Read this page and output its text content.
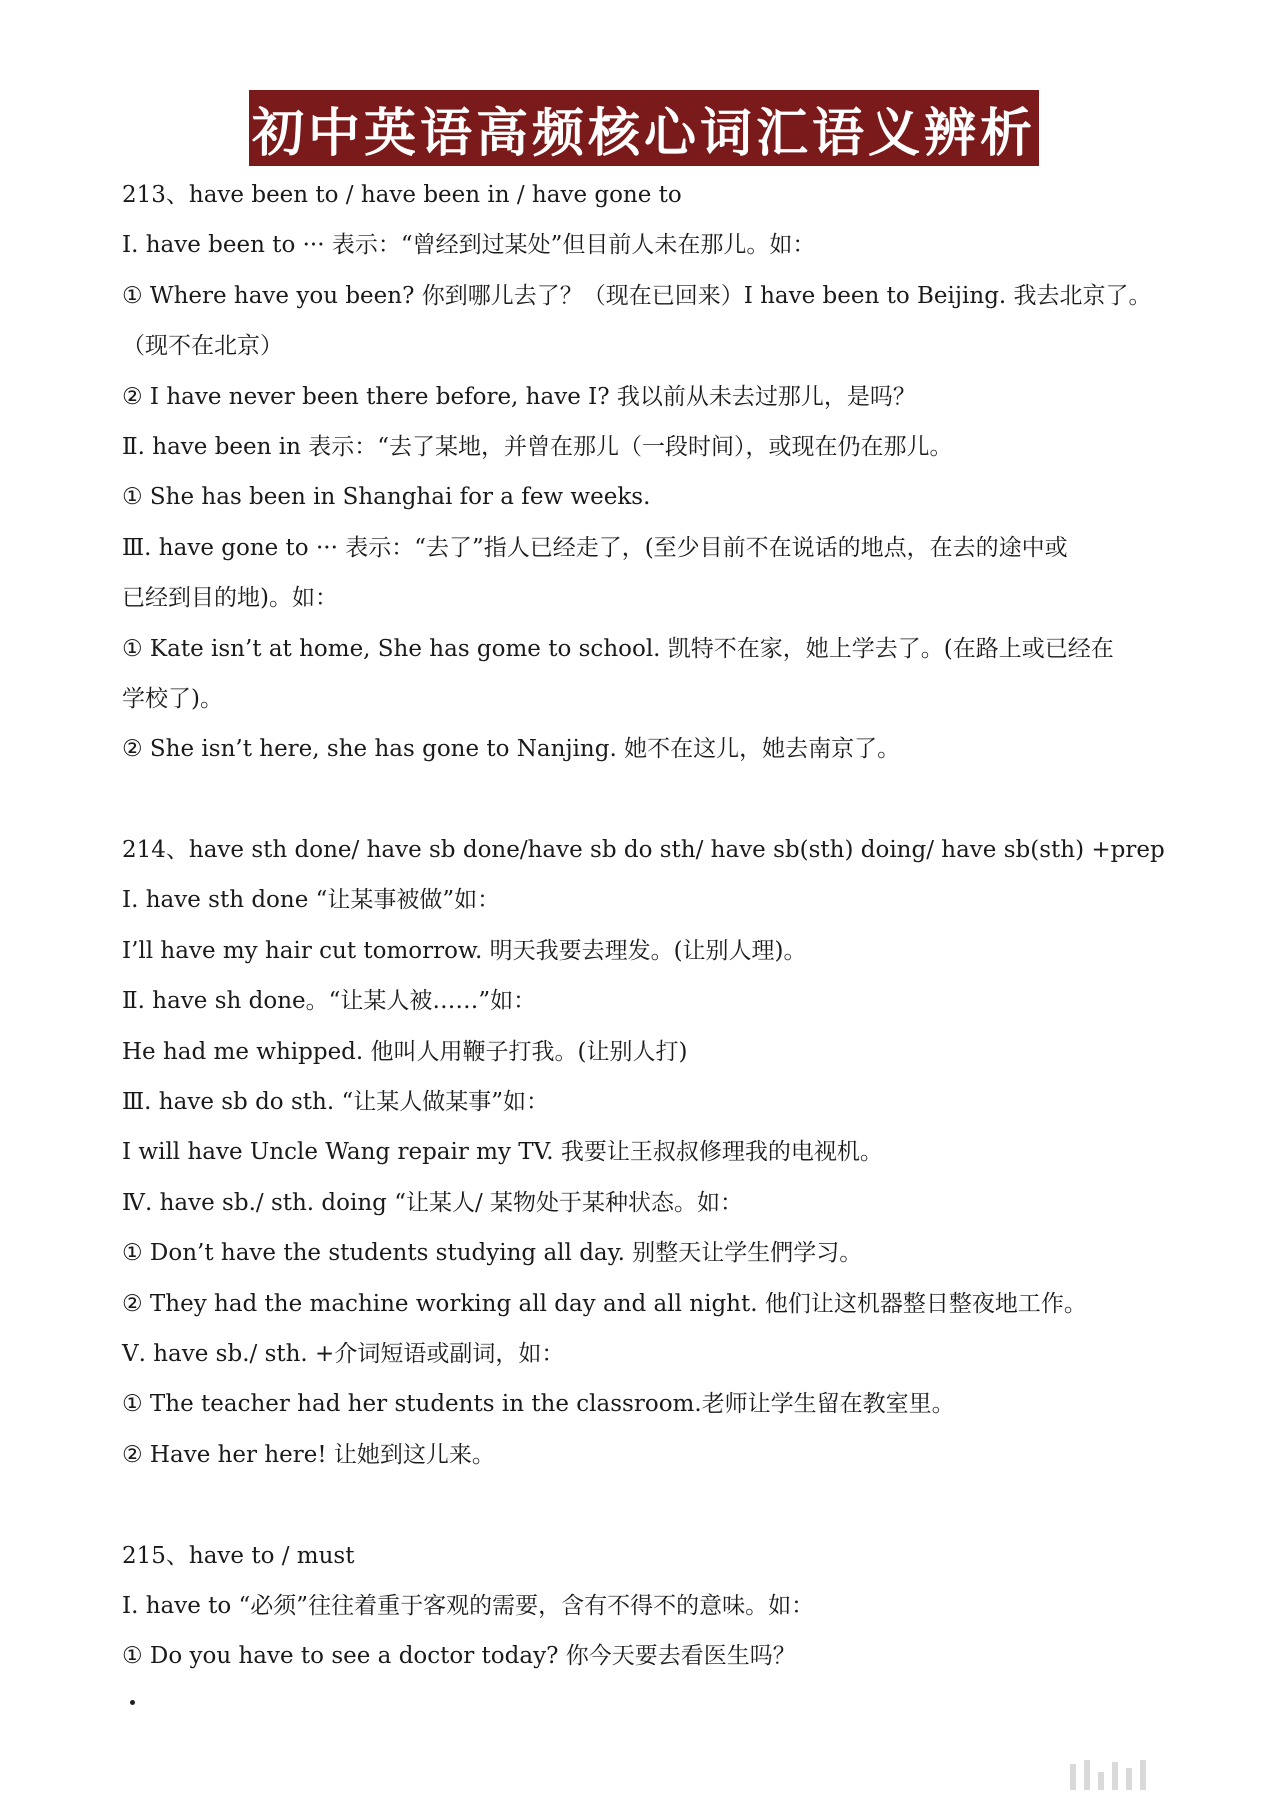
初中英语高频核心词汇语义辨析
213、have been to / have been in / have gone to
Ⅰ. have been to ··· 表示：“曾经到过某处”但目前人未在那儿。如：
① Where have you been? 你到哪儿去了？（现在已回来）I have been to Beijing. 我去北京了。
（现不在北京）
② I have never been there before, have I? 我以前从未去过那儿，是吗？
Ⅱ. have been in 表示：“去了某地，并曾在那儿（一段时间），或现在仍在那儿。
① She has been in Shanghai for a few weeks.
Ⅲ. have gone to ··· 表示：“去了”指人已经走了，(至少目前不在说话的地点，在去的途中或
已经到目的地)。如：
① Kate isn’t at home, She has gome to school. 凯特不在家，她上学去了。(在路上或已经在
学校了)。
② She isn’t here, she has gone to Nanjing. 她不在这儿，她去南京了。
214、have sth done/ have sb done/have sb do sth/ have sb(sth) doing/ have sb(sth) +prep
Ⅰ. have sth done “让某事被做”如：
I’ll have my hair cut tomorrow. 明天我要去理发。(让别人理)。
Ⅱ. have sh done。“让某人被……”如：
He had me whipped. 他叫人用鞭子打我。(让别人打)
Ⅲ. have sb do sth. “让某人做某事”如：
I will have Uncle Wang repair my TV. 我要让王叔叔修理我的电视机。
Ⅳ. have sb./ sth. doing “让某人/ 某物处于某种状态。如：
① Don’t have the students studying all day. 别整天让学生們学习。
② They had the machine working all day and all night. 他们让这机器整日整夜地工作。
Ⅴ. have sb./ sth. +介词短语或副词，如：
① The teacher had her students in the classroom.老师让学生留在教室里。
② Have her here! 让她到这儿来。
215、have to / must
Ⅰ. have to “必须”往往着重于客观的需要，含有不得不的意味。如：
① Do you have to see a doctor today? 你今天要去看医生吗？
